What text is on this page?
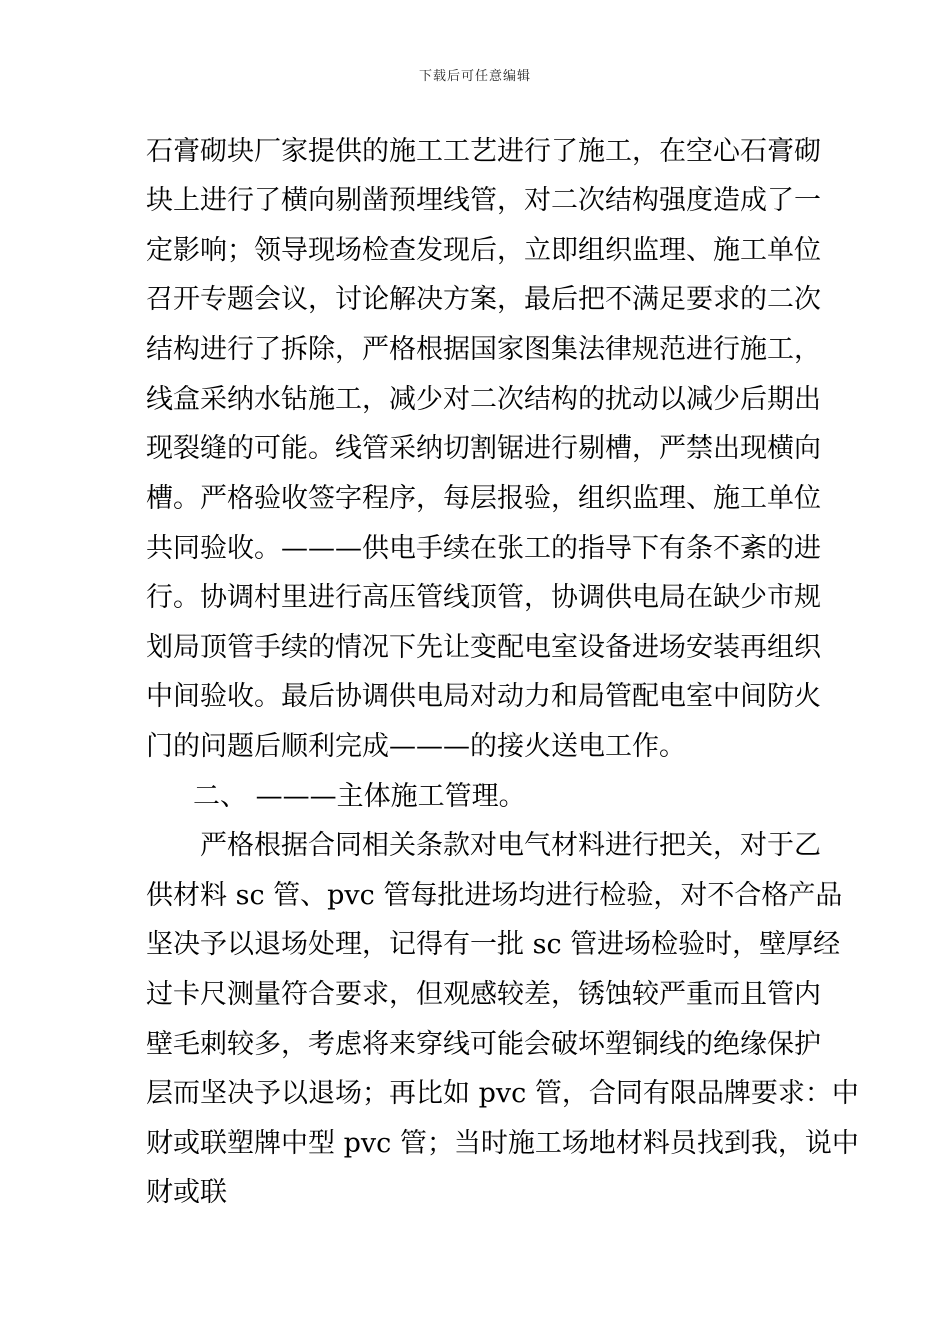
下载后可任意编辑
石膏砌块厂家提供的施工工艺进行了施工，在空心石膏砌
块上进行了横向剔凿预埋线管，对二次结构强度造成了一
定影响；领导现场检查发现后，立即组织监理、施工单位
召开专题会议，讨论解决方案，最后把不满足要求的二次
结构进行了拆除，严格根据国家图集法律规范进行施工，
线盒采纳水钻施工，减少对二次结构的扰动以减少后期出
现裂缝的可能。线管采纳切割锯进行剔槽，严禁出现横向
槽。严格验收签字程序，每层报验，组织监理、施工单位
共同验收。———供电手续在张工的指导下有条不紊的进
行。协调村里进行高压管线顶管，协调供电局在缺少市规
划局顶管手续的情况下先让变配电室设备进场安装再组织
中间验收。最后协调供电局对动力和局管配电室中间防火
门的问题后顺利完成———的接火送电工作。
二、 ———主体施工管理。
严格根据合同相关条款对电气材料进行把关，对于乙
供材料 sc 管、pvc 管每批进场均进行检验，对不合格产品
坚决予以退场处理，记得有一批 sc 管进场检验时，壁厚经
过卡尺测量符合要求，但观感较差，锈蚀较严重而且管内
壁毛刺较多，考虑将来穿线可能会破坏塑铜线的绝缘保护
层而坚决予以退场；再比如 pvc 管，合同有限品牌要求：中
财或联塑牌中型 pvc 管；当时施工场地材料员找到我，说中
财或联
